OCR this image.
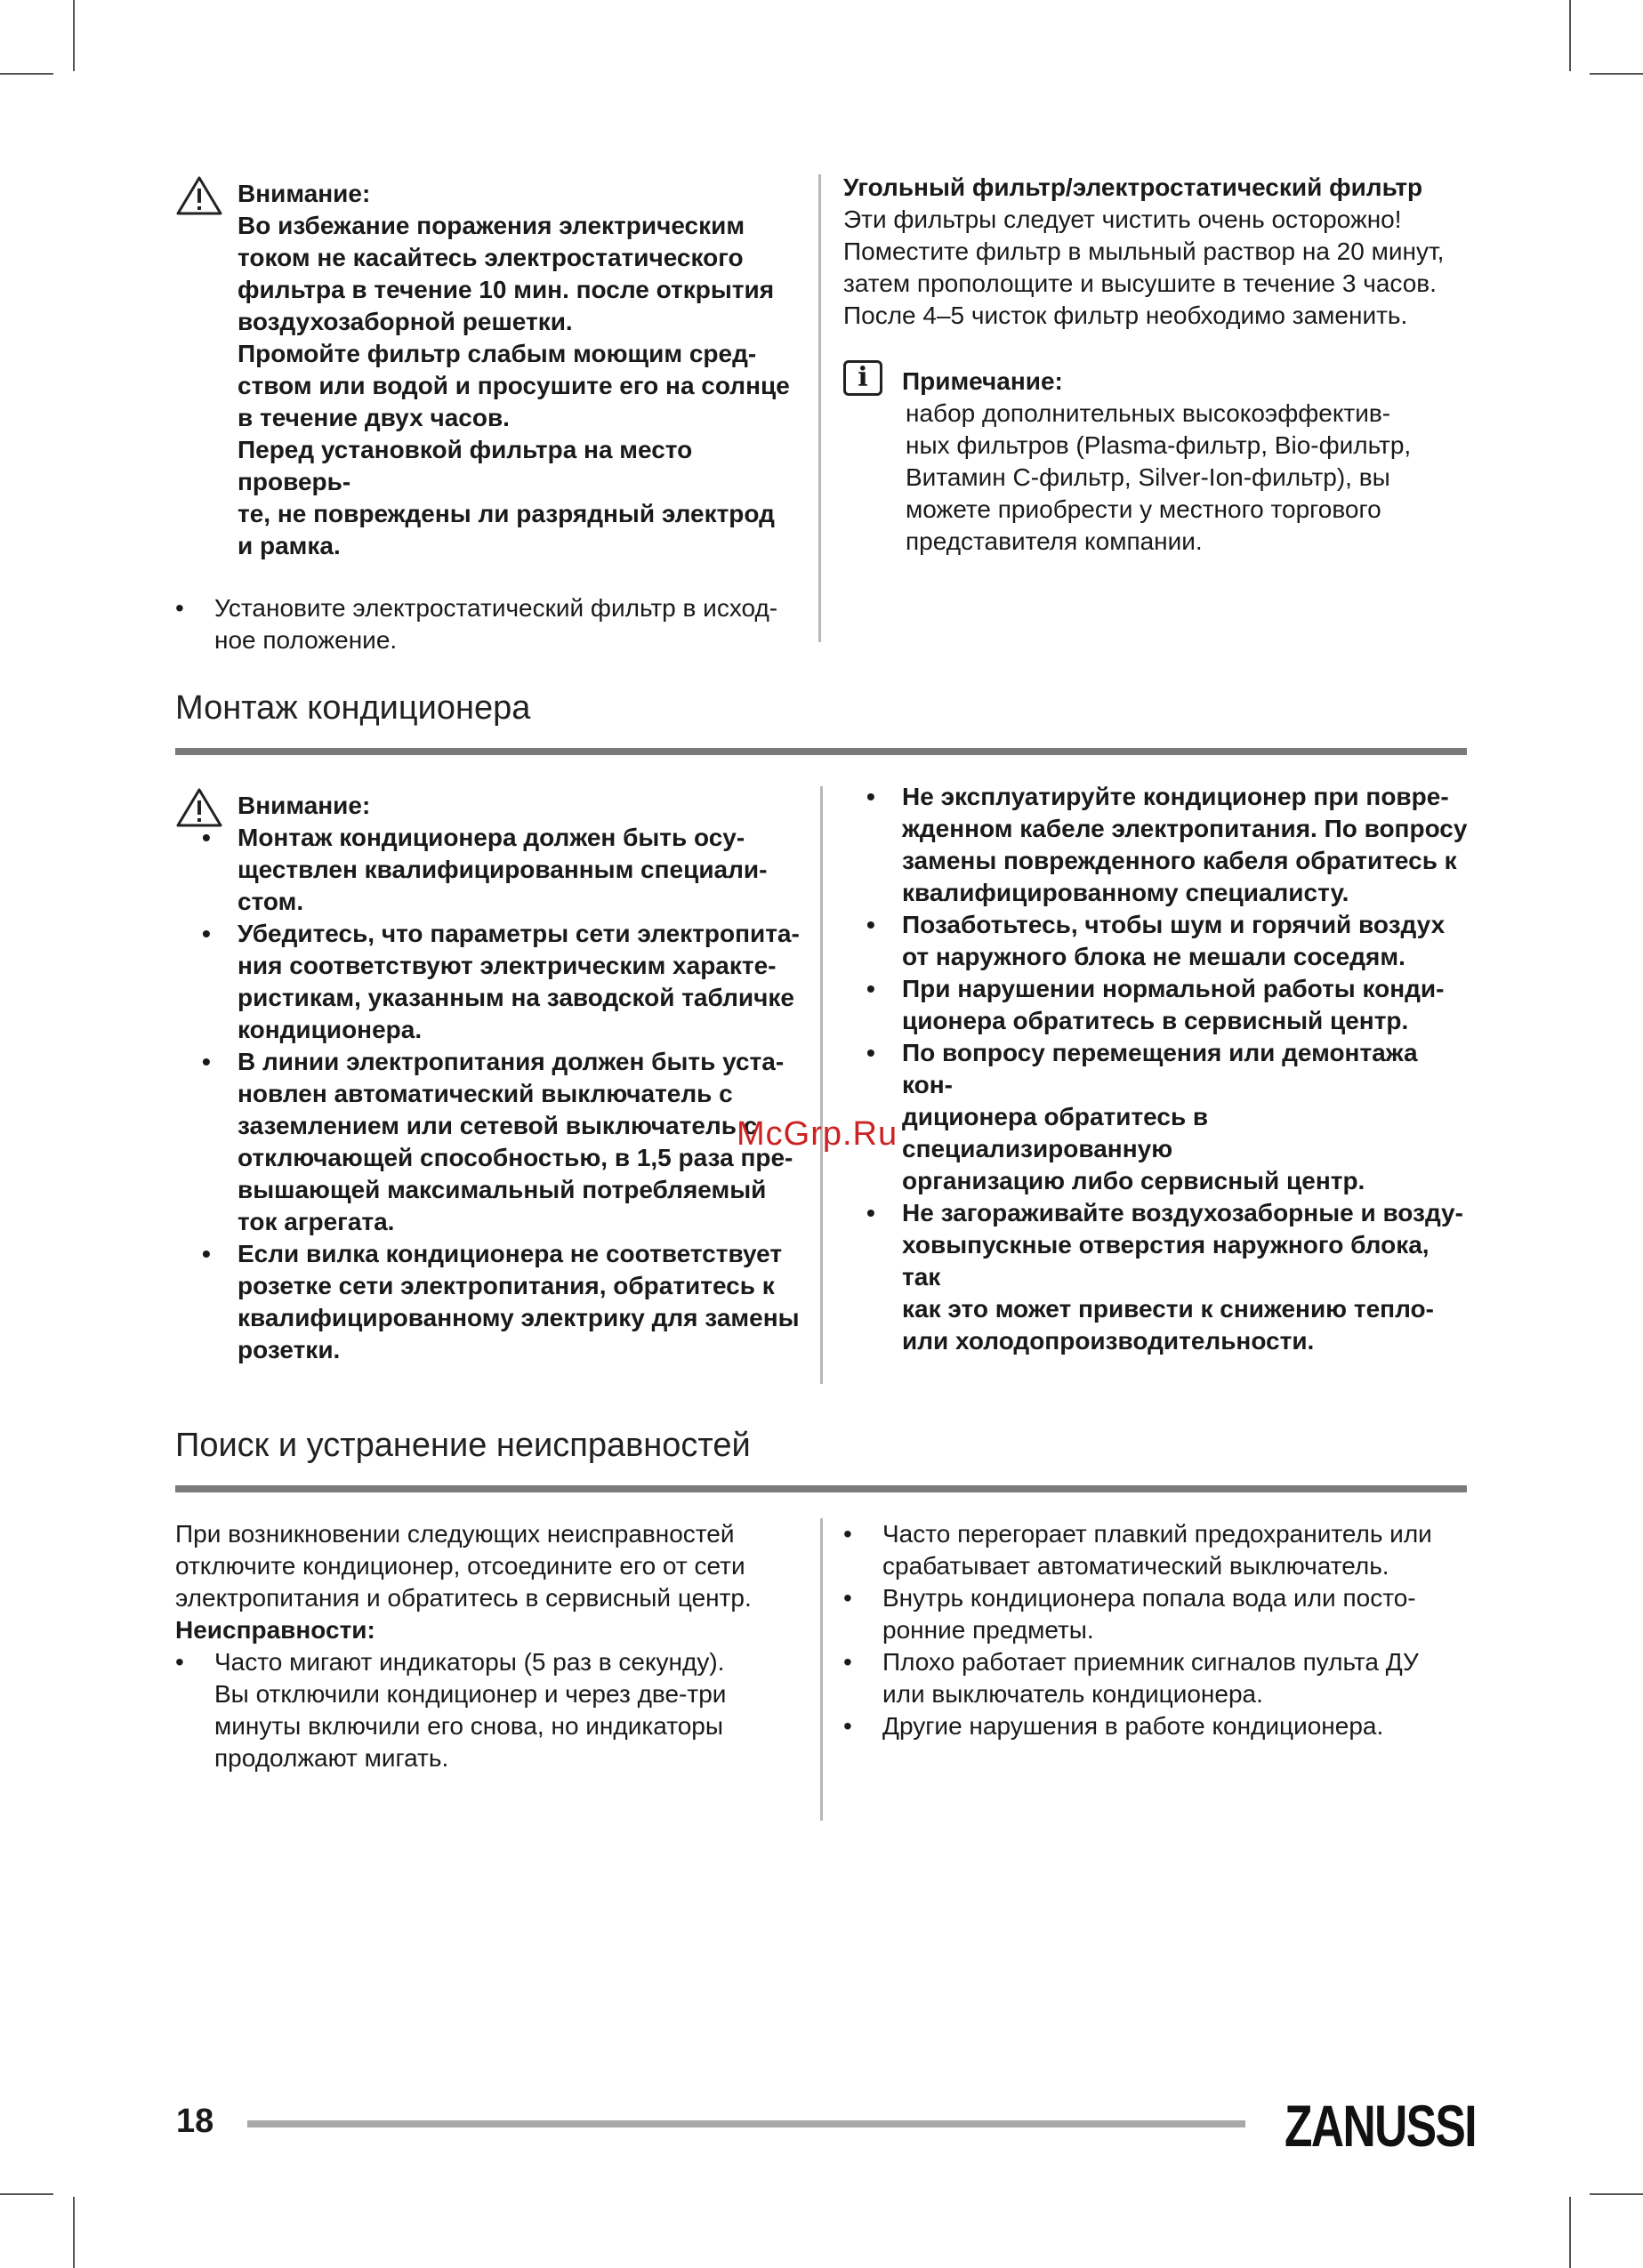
Внимание:

Во избежание поражения электрическим

током не касайтесь электростатического

фильтра в течение 10 мин. после открытия

воздухозаборной решетки.

Промойте фильтр слабым моющим сред-

ством или водой и просушите его на солнце

в течение двух часов.

Перед установкой фильтра на место проверь-

те, не повреждены ли разрядный электрод

и рамка.

• Установите электростатический фильтр в исход-

ное положение.

Угольный фильтр/электростатический фильтр

Эти фильтры следует чистить очень осторожно!

Поместите фильтр в мыльный раствор на 20 минут,

затем прополощите и высушите в течение 3 часов.

После 4–5 чисток фильтр необходимо заменить.

i	Примечание:

набор дополнительных высокоэффектив-

ных фильтров (Plasma-фильтр, Bio-фильтр,

Витамин С-фильтр, Silver-Ion-фильтр), вы

можете приобрести у местного торгового

представителя компании.

Монтаж кондиционера

Внимание:

• Монтаж кондиционера должен быть осу-

ществлен квалифицированным специали-

стом.

• Убедитесь, что параметры сети электропита-

ния соответствуют электрическим характе-

ристикам, указанным на заводской табличке

кондиционера.

• В линии электропитания должен быть уста-

новлен автоматический выключатель с

заземлением или сетевой выключатель с

отключающей способностью, в 1,5 раза пре-

вышающей максимальный потребляемый

ток агрегата.

• Если вилка кондиционера не соответствует

розетке сети электропитания, обратитесь к

квалифицированному электрику для замены

розетки.

• Не эксплуатируйте кондиционер при повре-

жденном кабеле электропитания. По вопросу

замены поврежденного кабеля обратитесь к

квалифицированному специалисту.

• Позаботьтесь, чтобы шум и горячий воздух

от наружного блока не мешали соседям.

• При нарушении нормальной работы конди-

ционера обратитесь в сервисный центр.

• По вопросу перемещения или демонтажа кон-

диционера обратитесь в специализированную

организацию либо сервисный центр.

• Не загораживайте воздухозаборные и возду-

ховыпускные отверстия наружного блока, так

как это может привести к снижению тепло-

или холодопроизводительности.

McGrp.Ru
Поиск и устранение неисправностей

При возникновении следующих неисправностей

отключите кондиционер, отсоедините его от сети

электропитания и обратитесь в сервисный центр.

Неисправности:

• Часто мигают индикаторы (5 раз в секунду).

Вы отключили кондиционер и через две-три

минуты включили его снова, но индикаторы

продолжают мигать.

• Часто перегорает плавкий предохранитель или

срабатывает автоматический выключатель.

• Внутрь кондиционера попала вода или посто-

ронние предметы.

• Плохо работает приемник сигналов пульта ДУ

или выключатель кондиционера.

• Другие нарушения в работе кондиционера.

18	ZANUSSI
